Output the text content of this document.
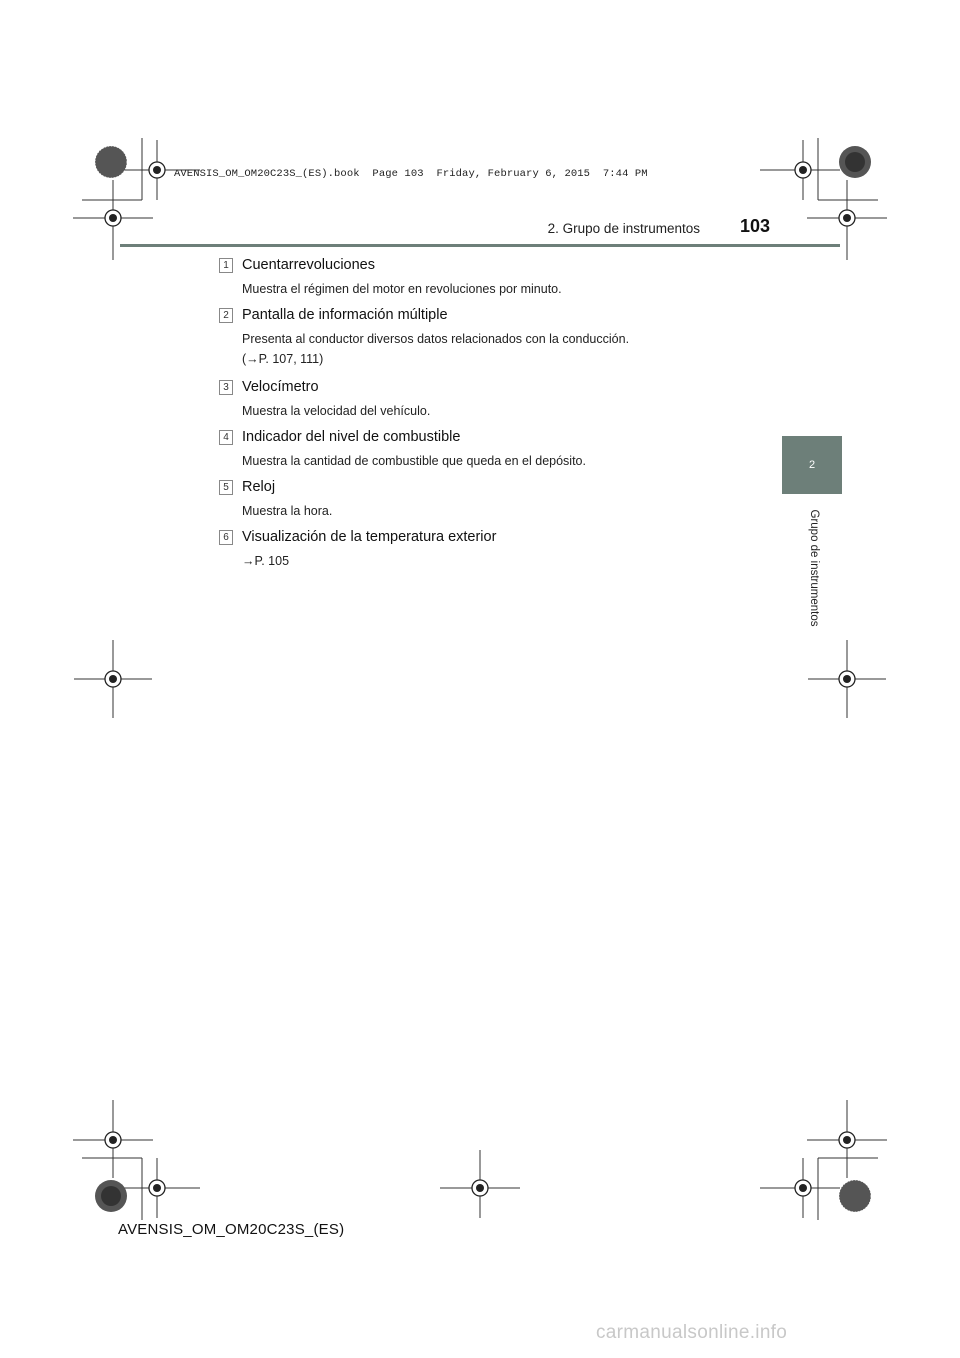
AVENSIS_OM_OM20C23S_(ES).book  Page 103  Friday, February 6, 2015  7:44 PM
2. Grupo de instrumentos 103
2
Grupo de instrumentos
1 Cuentarrevoluciones
Muestra el régimen del motor en revoluciones por minuto.
2 Pantalla de información múltiple
Presenta al conductor diversos datos relacionados con la conducción.
(→P. 107, 111)
3 Velocímetro
Muestra la velocidad del vehículo.
4 Indicador del nivel de combustible
Muestra la cantidad de combustible que queda en el depósito.
5 Reloj
Muestra la hora.
6 Visualización de la temperatura exterior
→P. 105
AVENSIS_OM_OM20C23S_(ES)
carmanualsonline.info
